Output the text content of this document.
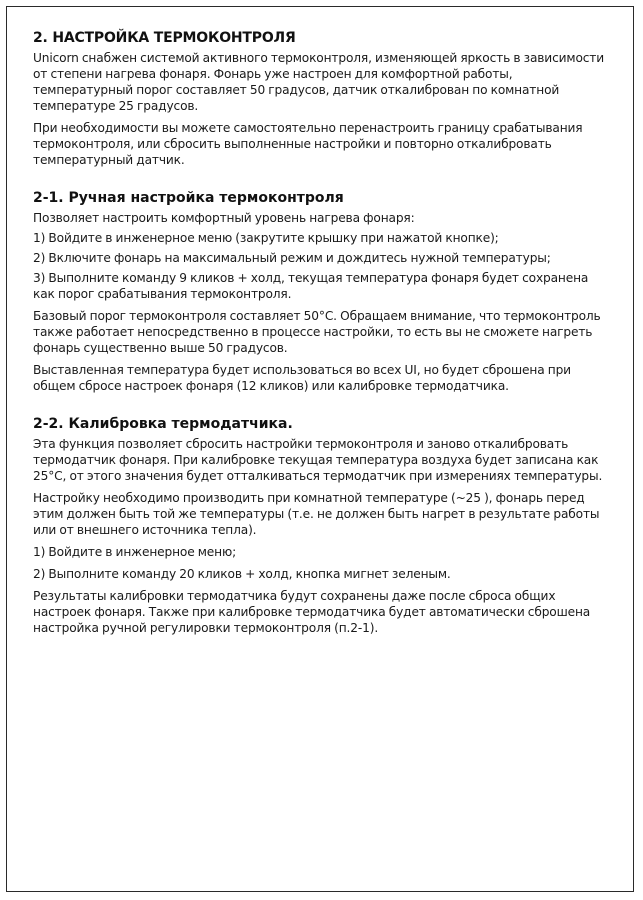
2. НАСТРОЙКА ТЕРМОКОНТРОЛЯ

Unicorn снабжен системой активного термоконтроля, изменяющей яркость в зависимости от степени нагрева фонаря. Фонарь уже настроен для комфортной работы, температурный порог составляет 50 градусов, датчик откалиброван по комнатной температуре 25 градусов.

При необходимости вы можете самостоятельно перенастроить границу срабатывания термоконтроля, или сбросить выполненные настройки и повторно откалибровать температурный датчик.

2-1. Ручная настройка термоконтроля

Позволяет настроить комфортный уровень нагрева фонаря:

1) Войдите в инженерное меню (закрутите крышку при нажатой кнопке);

2) Включите фонарь на максимальный режим и дождитесь нужной температуры;

3) Выполните команду 9 кликов + холд, текущая температура фонаря будет сохранена как порог срабатывания термоконтроля.

Базовый порог термоконтроля составляет 50°С. Обращаем внимание, что термоконтроль также работает непосредственно в процессе настройки, то есть вы не сможете нагреть фонарь существенно выше 50 градусов.

Выставленная температура будет использоваться во всех UI, но будет сброшена при общем сбросе настроек фонаря (12 кликов) или калибровке термодатчика.

2-2. Калибровка термодатчика.

Эта функция позволяет сбросить настройки термоконтроля и заново откалибровать термодатчик фонаря. При калибровке текущая температура воздуха будет записана как 25°С, от этого значения будет отталкиваться термодатчик при измерениях температуры.

Настройку необходимо производить при комнатной температуре (~25 ), фонарь перед этим должен быть той же температуры (т.е. не должен быть нагрет в результате работы или от внешнего источника тепла).

1) Войдите в инженерное меню;

2) Выполните команду 20 кликов + холд, кнопка мигнет зеленым.

Результаты калибровки термодатчика будут сохранены даже после сброса общих настроек фонаря. Также при калибровке термодатчика будет автоматически сброшена настройка ручной регулировки термоконтроля (п.2-1).
